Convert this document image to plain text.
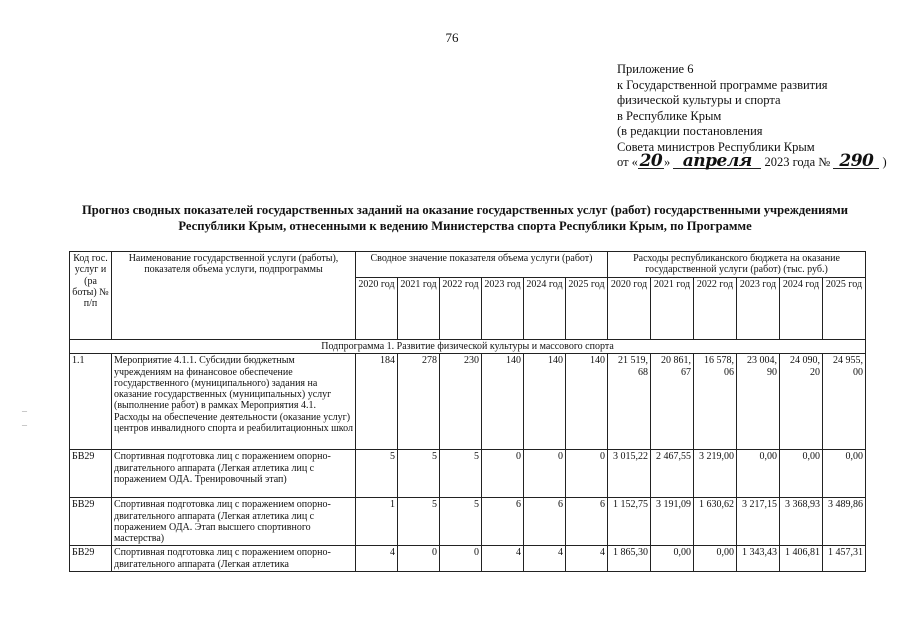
76
Приложение 6
к Государственной программе развития
физической культуры и спорта
в Республике Крым
(в редакции постановления
Совета министров Республики Крым
от «20 » апреля 2023 года № 290 )
Прогноз сводных показателей государственных заданий на оказание государственных услуг (работ) государственными учреждениями Республики Крым, отнесенными к ведению Министерства спорта Республики Крым, по Программе
–
–
Код гос. услуг и (ра боты) № п/п	Наименование государственной услуги (работы), показателя объема услуги, подпрограммы	Сводное значение показателя объема услуги (работ)						Расходы республиканского бюджета на оказание государственной услуги (работ) (тыс. руб.)					
		2020 год	2021 год	2022 год	2023 год	2024 год	2025 год	2020 год	2021 год	2022 год	2023 год	2024 год	2025 год
Подпрограмма 1. Развитие физической культуры и массового спорта													
1.1	Мероприятие 4.1.1. Субсидии бюджетным учреждениям на финансовое обеспечение государственного (муниципального) задания на оказание государственных (муниципальных) услуг (выполнение работ) в рамках Мероприятия 4.1. Расходы на обеспечение деятельности (оказание услуг) центров инвалидного спорта и реабилитационных школ	184	278	230	140	140	140	21 519, 68	20 861, 67	16 578, 06	23 004, 90	24 090, 20	24 955, 00
БВ29	Спортивная подготовка лиц с поражением опорно-двигательного аппарата (Легкая атлетика лиц с поражением ОДА. Тренировочный этап)	5	5	5	0	0	0	3 015,22	2 467,55	3 219,00	0,00	0,00	0,00
БВ29	Спортивная подготовка лиц с поражением опорно-двигательного аппарата (Легкая атлетика лиц с поражением ОДА. Этап высшего спортивного мастерства)	1	5	5	6	6	6	1 152,75	3 191,09	1 630,62	3 217,15	3 368,93	3 489,86
БВ29	Спортивная подготовка лиц с поражением опорно-двигательного аппарата (Легкая атлетика	4	0	0	4	4	4	1 865,30	0,00	0,00	1 343,43	1 406,81	1 457,31
